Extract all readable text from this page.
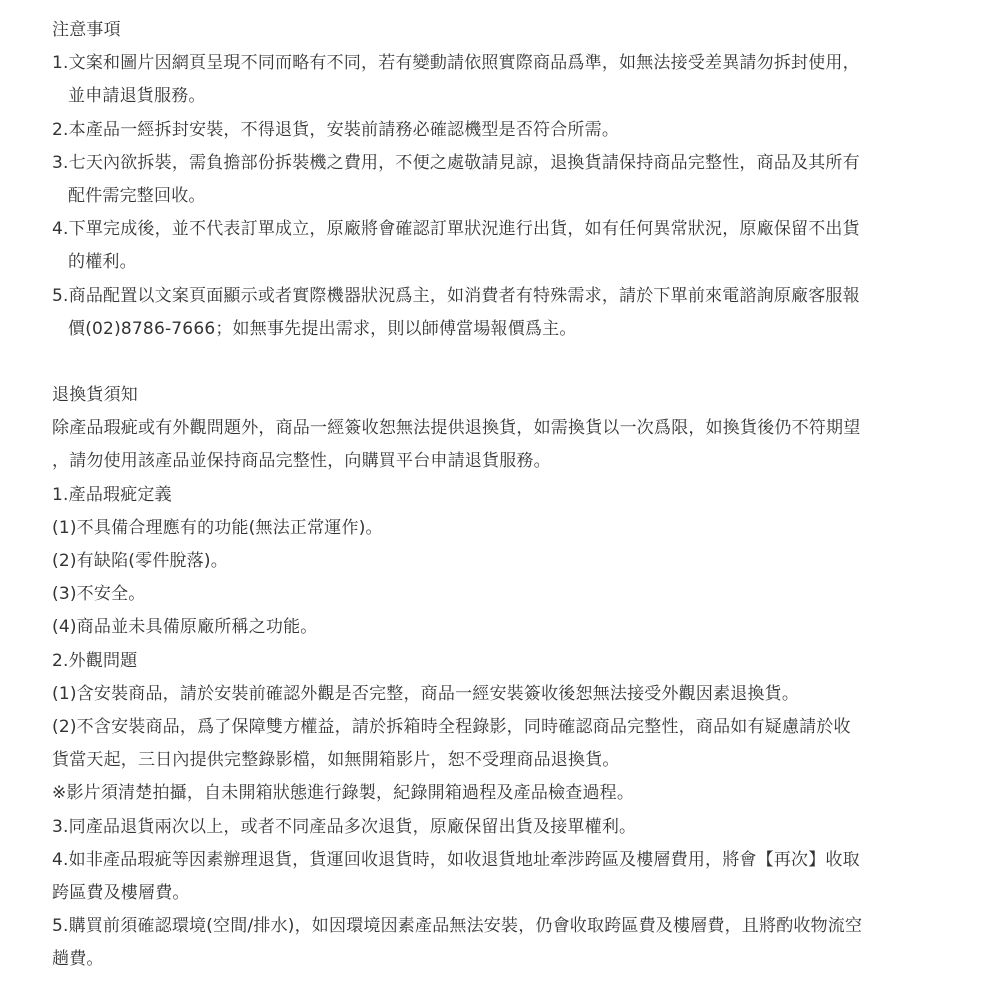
注意事項
1.文案和圖片因網頁呈現不同而略有不同，若有變動請依照實際商品爲準，如無法接受差異請勿拆封使用，
並申請退貨服務。
2.本產品一經拆封安裝，不得退貨，安裝前請務必確認機型是否符合所需。
3.七天內欲拆裝，需負擔部份拆裝機之費用，不便之處敬請見諒，退換貨請保持商品完整性，商品及其所有
配件需完整回收。
4.下單完成後，並不代表訂單成立，原廠將會確認訂單狀況進行出貨，如有任何異常狀況，原廠保留不出貨
的權利。
5.商品配置以文案頁面顯示或者實際機器狀況爲主，如消費者有特殊需求，請於下單前來電諮詢原廠客服報
價(02)8786-7666；如無事先提出需求，則以師傅當場報價爲主。
退換貨須知
除產品瑕疵或有外觀問題外，商品一經簽收恕無法提供退換貨，如需換貨以一次爲限，如換貨後仍不符期望
，請勿使用該產品並保持商品完整性，向購買平台申請退貨服務。
1.產品瑕疵定義
(1)不具備合理應有的功能(無法正常運作)。
(2)有缺陷(零件脫落)。
(3)不安全。
(4)商品並未具備原廠所稱之功能。
2.外觀問題
(1)含安裝商品，請於安裝前確認外觀是否完整，商品一經安裝簽收後恕無法接受外觀因素退換貨。
(2)不含安裝商品，爲了保障雙方權益，請於拆箱時全程錄影，同時確認商品完整性，商品如有疑慮請於收
貨當天起，三日內提供完整錄影檔，如無開箱影片，恕不受理商品退換貨。
※影片須清楚拍攝，自未開箱狀態進行錄製，紀錄開箱過程及產品檢查過程。
3.同產品退貨兩次以上，或者不同產品多次退貨，原廠保留出貨及接單權利。
4.如非產品瑕疵等因素辦理退貨，貨運回收退貨時，如收退貨地址牽涉跨區及樓層費用，將會【再次】收取
跨區費及樓層費。
5.購買前須確認環境(空間/排水)，如因環境因素產品無法安裝，仍會收取跨區費及樓層費，且將酌收物流空
趟費。
